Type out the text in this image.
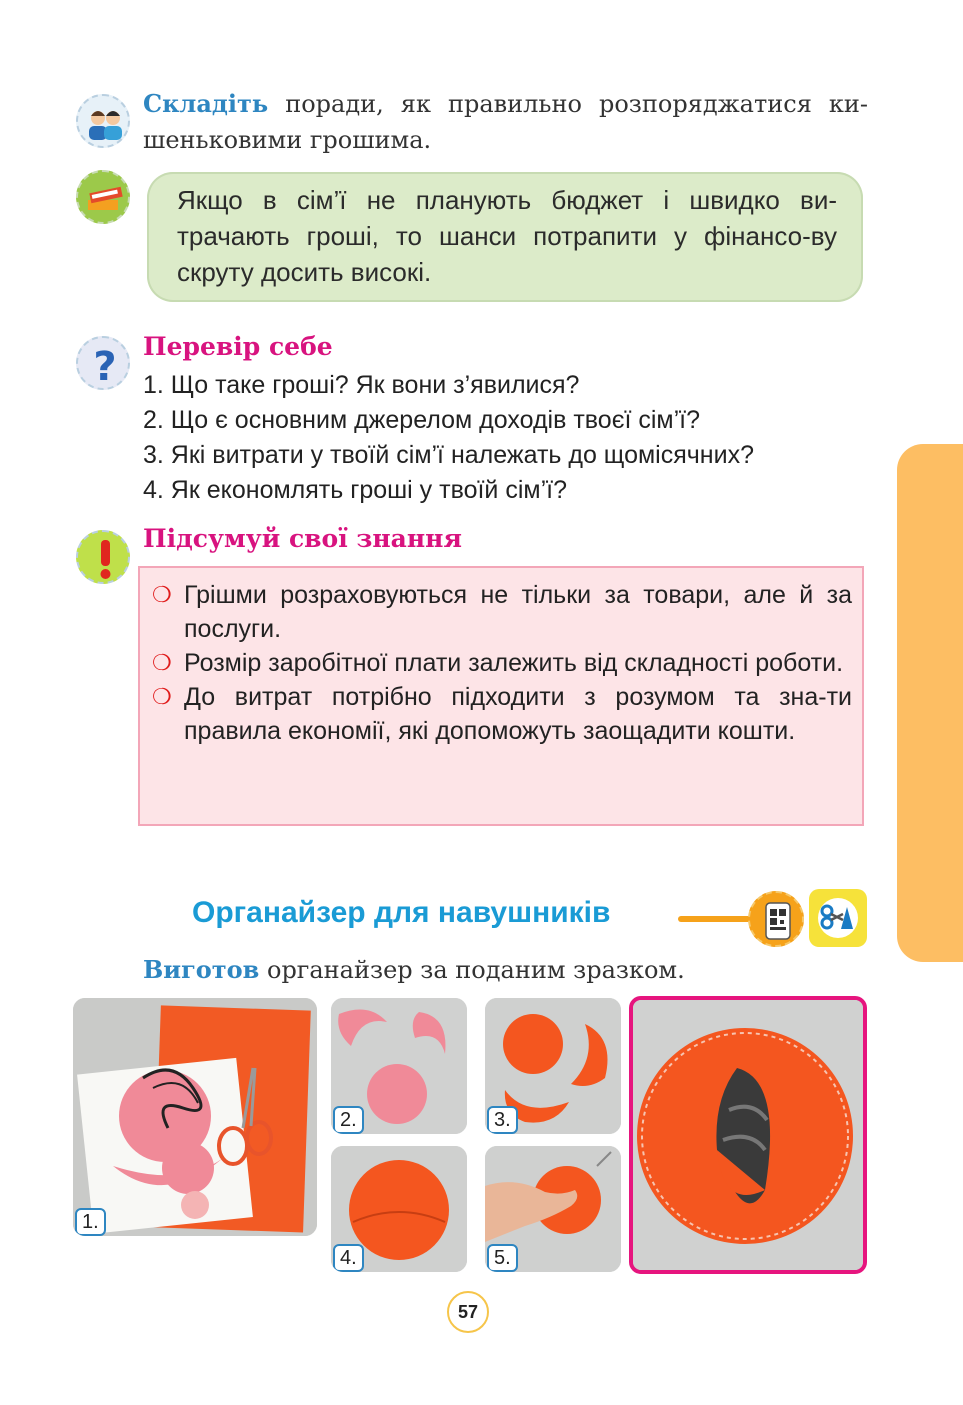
Складіть поради, як правильно розпоряджатися ки-шеньковими грошима.

Якщо в сім’ї не планують бюджет і швидко ви-трачають гроші, то шанси потрапити у фінансо-ву скруту досить високі.

? Перевір себе
1. Що таке гроші? Як вони з’явилися?
2. Що є основним джерелом доходів твоєї сім’ї?
3. Які витрати у твоїй сім’ї належать до щомісячних?
4. Як економлять гроші у твоїй сім’ї?
Підсумуй свої знання
❍ Грішми розраховуються не тільки за товари, але й за послуги.
❍ Розмір заробітної плати залежить від складності роботи.
❍ До витрат потрібно підходити з розумом та зна-ти правила економії, які допоможуть заощадити кошти.
Органайзер для навушників
Виготов органайзер за поданим зразком.
1.
2.	3.
4.	5.
57
